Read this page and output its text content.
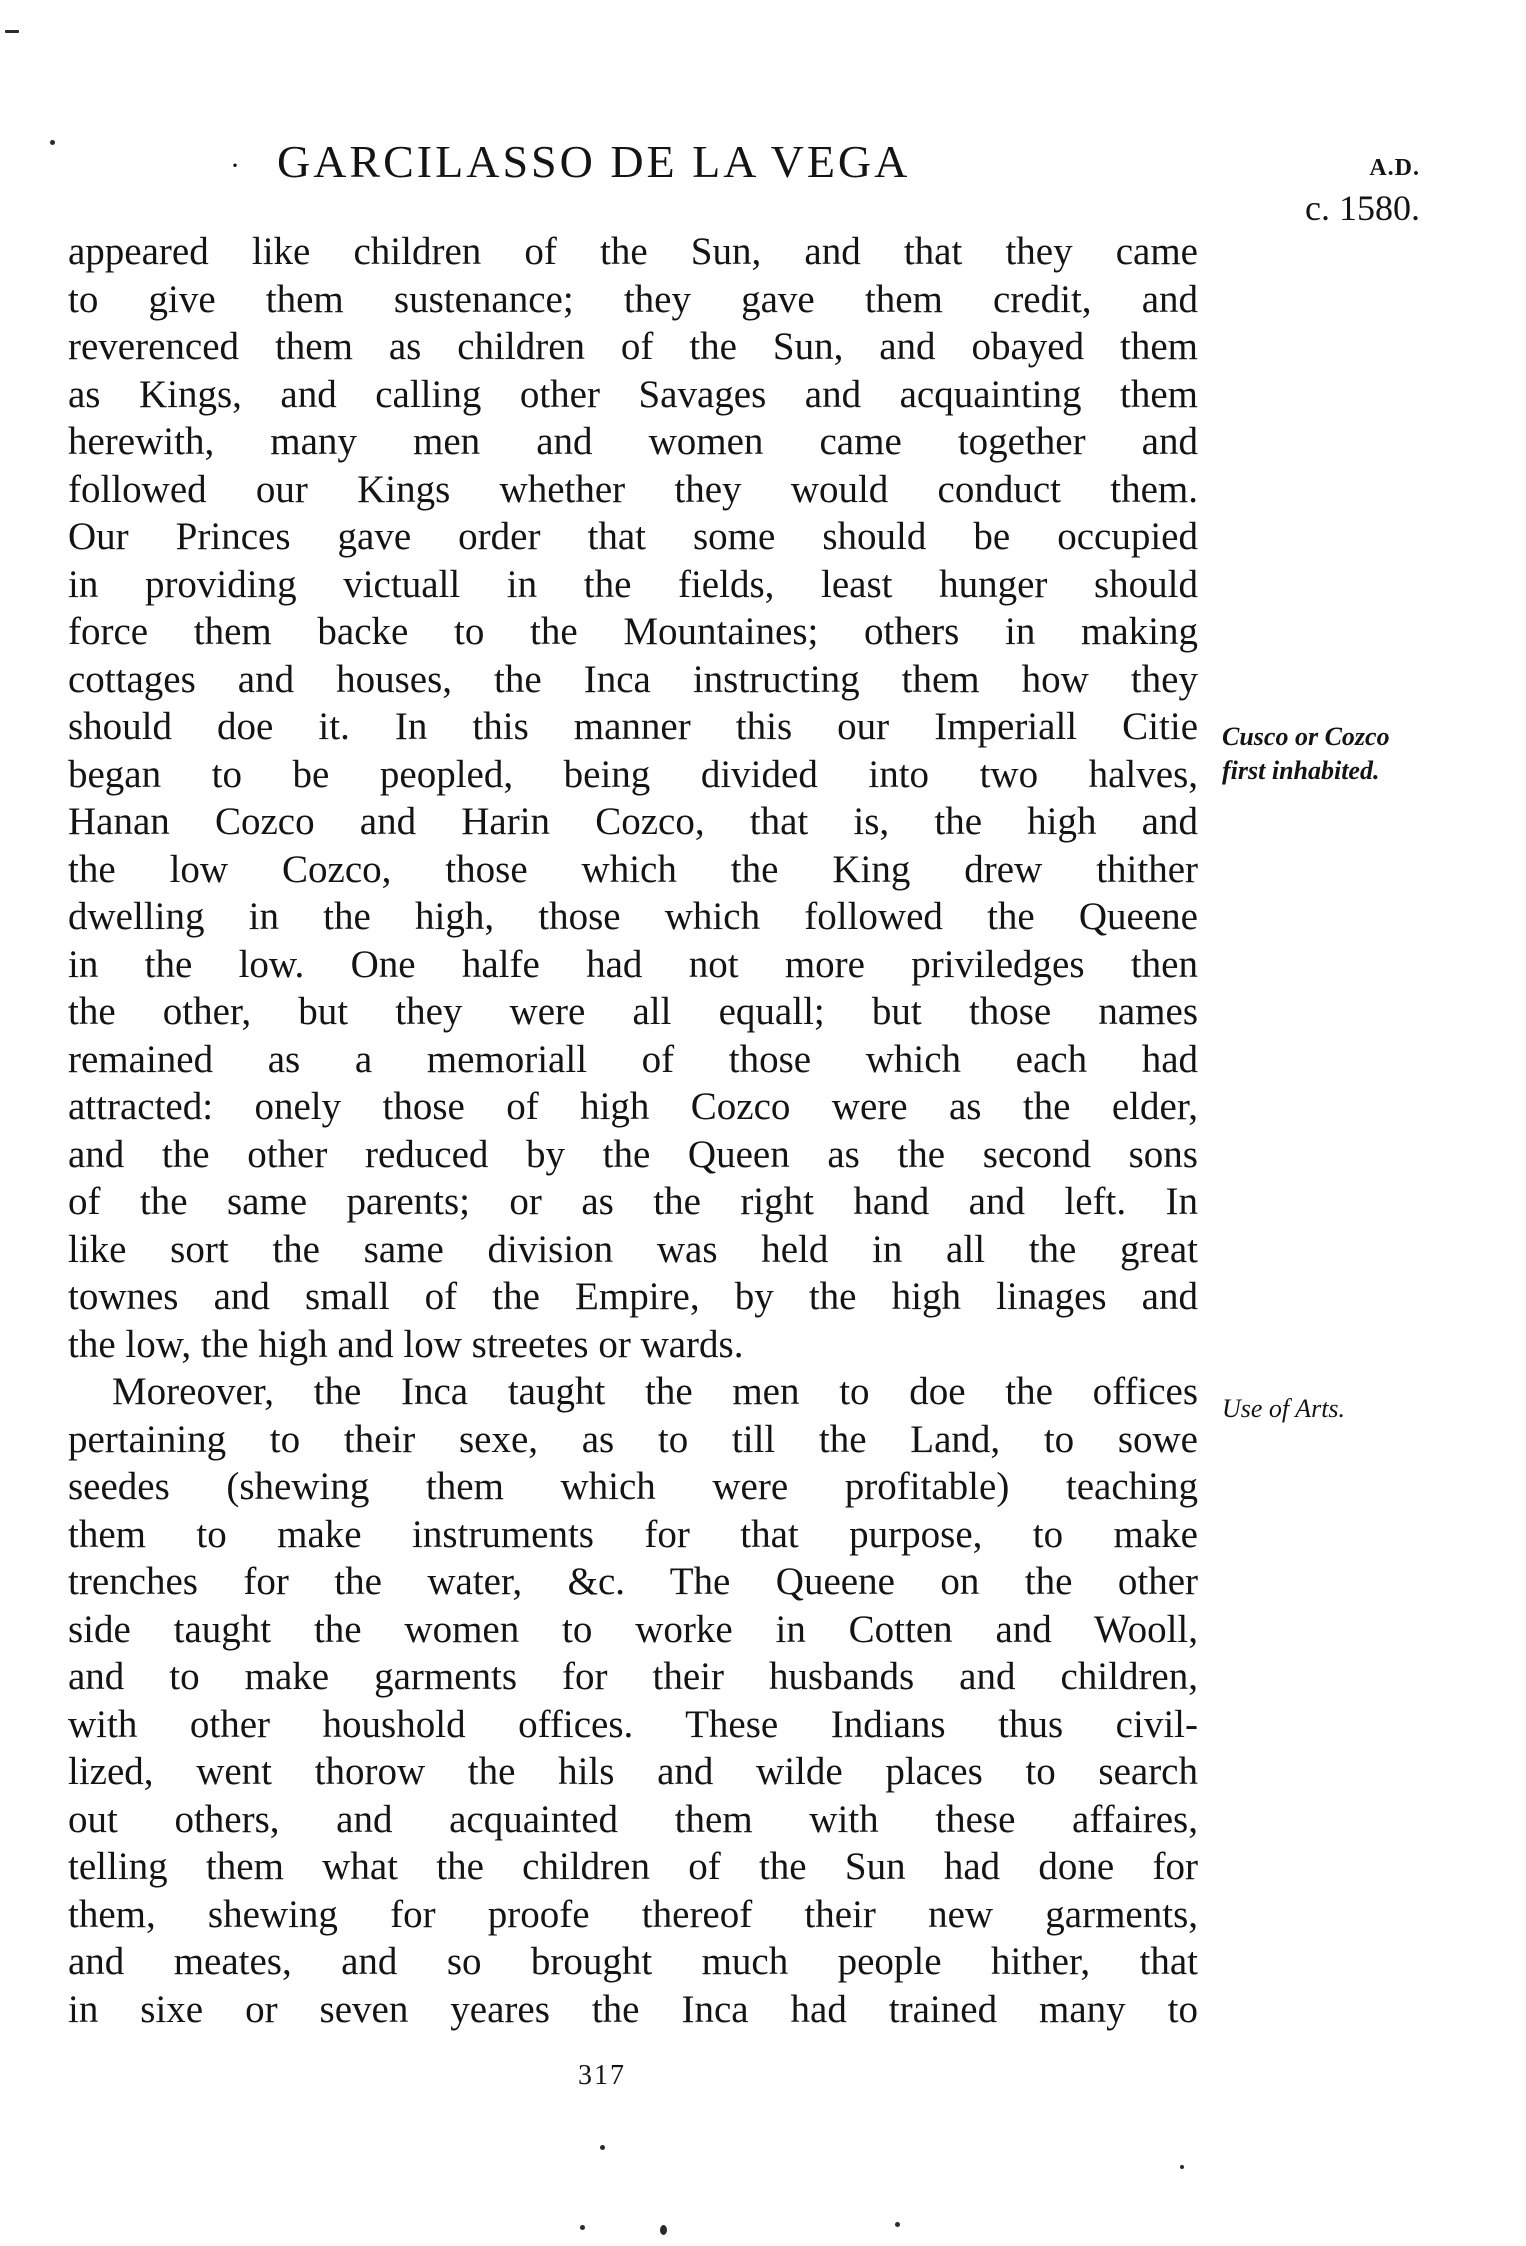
· GARCILASSO DE LA VEGA	A.D.
c. 1580.
appeared like children of the Sun, and that they came
to give them sustenance; they gave them credit, and
reverenced them as children of the Sun, and obayed them
as Kings, and calling other Savages and acquainting them
herewith, many men and women came together and
followed our Kings whether they would conduct them.
Our Princes gave order that some should be occupied
in providing victuall in the fields, least hunger should
force them backe to the Mountaines; others in making
cottages and houses, the Inca instructing them how they
should doe it. In this manner this our Imperiall Citie
began to be peopled, being divided into two halves,
Hanan Cozco and Harin Cozco, that is, the high and
the low Cozco, those which the King drew thither
dwelling in the high, those which followed the Queene
in the low. One halfe had not more priviledges then
the other, but they were all equall; but those names
remained as a memoriall of those which each had
attracted: onely those of high Cozco were as the elder,
and the other reduced by the Queen as the second sons
of the same parents; or as the right hand and left. In
like sort the same division was held in all the great
townes and small of the Empire, by the high linages and
the low, the high and low streetes or wards.
Moreover, the Inca taught the men to doe the offices
pertaining to their sexe, as to till the Land, to sowe
seedes (shewing them which were profitable) teaching
them to make instruments for that purpose, to make
trenches for the water, &c. The Queene on the other
side taught the women to worke in Cotten and Wooll,
and to make garments for their husbands and children,
with other houshold offices. These Indians thus civil-
lized, went thorow the hils and wilde places to search
out others, and acquainted them with these affaires,
telling them what the children of the Sun had done for
them, shewing for proofe thereof their new garments,
and meates, and so brought much people hither, that
in sixe or seven yeares the Inca had trained many to
Cusco or Cozco
first inhabited.
Use of Arts.
317
